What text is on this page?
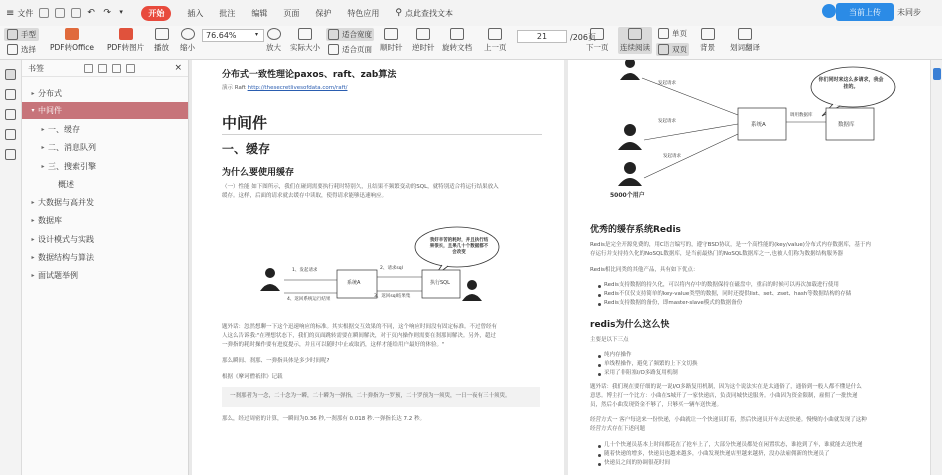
≡ 文件	↶ ↷	▾	开始	插入 批注 编辑 页面 保护 特色应用 ⚲ 点此查找文本	当前上传	未同步
手型
选择 PDF转Office PDF转图片 播放 缩小
76.64%	▾
放大 实际大小
适合宽度
适合页面 顺时针 逆时针 旋转文档 上一页
21	/206页
下一页 连续阅读
单页
双页 背景 划词翻译
书签	×
▸ 分布式
▾ 中间件
▸ 一、缓存
▸ 二、消息队列
▸ 三、搜索引擎
概述
▸ 大数据与高并发
▸ 数据库
▸ 设计模式与实践
▸ 数据结构与算法
▸ 面试题举例
分布式一致性理论paxos、raft、zab算法
演示 Raft http://thesecretlivesofdata.com/raft/
中间件
一、缓存
为什么要使用缓存
（一）性能 如下图所示，我们在碰到需要执行耗时特别久，且结果不频繁变动的SQL，就特别适合将运行结果放入
缓存。这样，后面的请求就去缓存中读取，使得请求能够迅速响应。
我好辛苦的耗时，并且执行结果很长，且果几十个数据都不会改变
1、发起请求	2、请求sql
3、返回sql结果集
4、返回系统运行结果
系统A	执行SQL
题外话：忽然想聊一下这个迅速响应的标准。其实根据交互效果的不同，这个响应时间没有固定标准。不过曾经有
人这么告诉我:"在理想状态下，我们的页面跳转需要在瞬间解决，对于页内操作则需要在刹那间解决。另外，超过
一弹指的耗时操作要有进度提示，并且可以随时中止或取消，这样才能给用户最好的体验。"
那么瞬间、刹那、一弹指具体是多少时间呢?
根据《摩诃僧祇律》记载
一刹那者为一念，二十念为一瞬，二十瞬为一弹指，二十弹指为一罗预，二十罗预为一须臾，一日一夜有三十须臾。
那么，经过周密的计算，一瞬间为0.36 秒,一刹那有 0.018 秒.一弹指长达 7.2 秒。
你们同时来这么多请求，我会挂的。
系统A	数据库
调用数据库
发起请求
发起请求
发起请求
5000个用户
优秀的缓存系统Redis
Redis是完全开源免费的，用C语言编写的，遵守BSD协议，是一个高性能的(key/value)分布式内存数据库，基于内
存运行并支持持久化的NoSQL数据库，是当前最热门的NoSQL数据库之一,也被人们称为数据结构服务器
Redis相比同类的其他产品，具有如下优点：
Redis支持数据的持久化，可以将内存中的数据保持在磁盘中，重启的时候可以再次加载进行使用
Redis不仅仅支持简单的key-value类型的数据，同时还提供list、set、zset、hash等数据结构的存储
Redis支持数据的备份，即master-slave模式的数据备份
redis为什么这么快
主要是以下三点
纯内存操作
单线程操作，避免了频繁的上下文切换
采用了非阻塞I/O多路复用机制
题外话：我们现在要仔细的说一说I/O多路复用机制，因为这个说法实在是太通俗了，通俗到一般人都不懂是什么
意思。博主打一个比方：小曲在S城开了一家快递店，负责同城快送服务。小曲因为资金限制，雇佣了一批快递
员，然后小曲发现资金不够了，只够买一辆车送快递。
经营方式一 客户每送来一份快递，小曲就让一个快递员盯着，然后快递员开车去送快递。慢慢的小曲就发现了这种
经营方式存在下述问题
几十个快递员基本上时间都花在了抢车上了，大部分快递员都处在闲置状态，谁抢到了车，谁就能去送快递
随着快递的增多，快递员也越来越多，小曲发现快递店里越来越挤，没办法雇佣新的快递员了
快递员之间的协调很花时间
